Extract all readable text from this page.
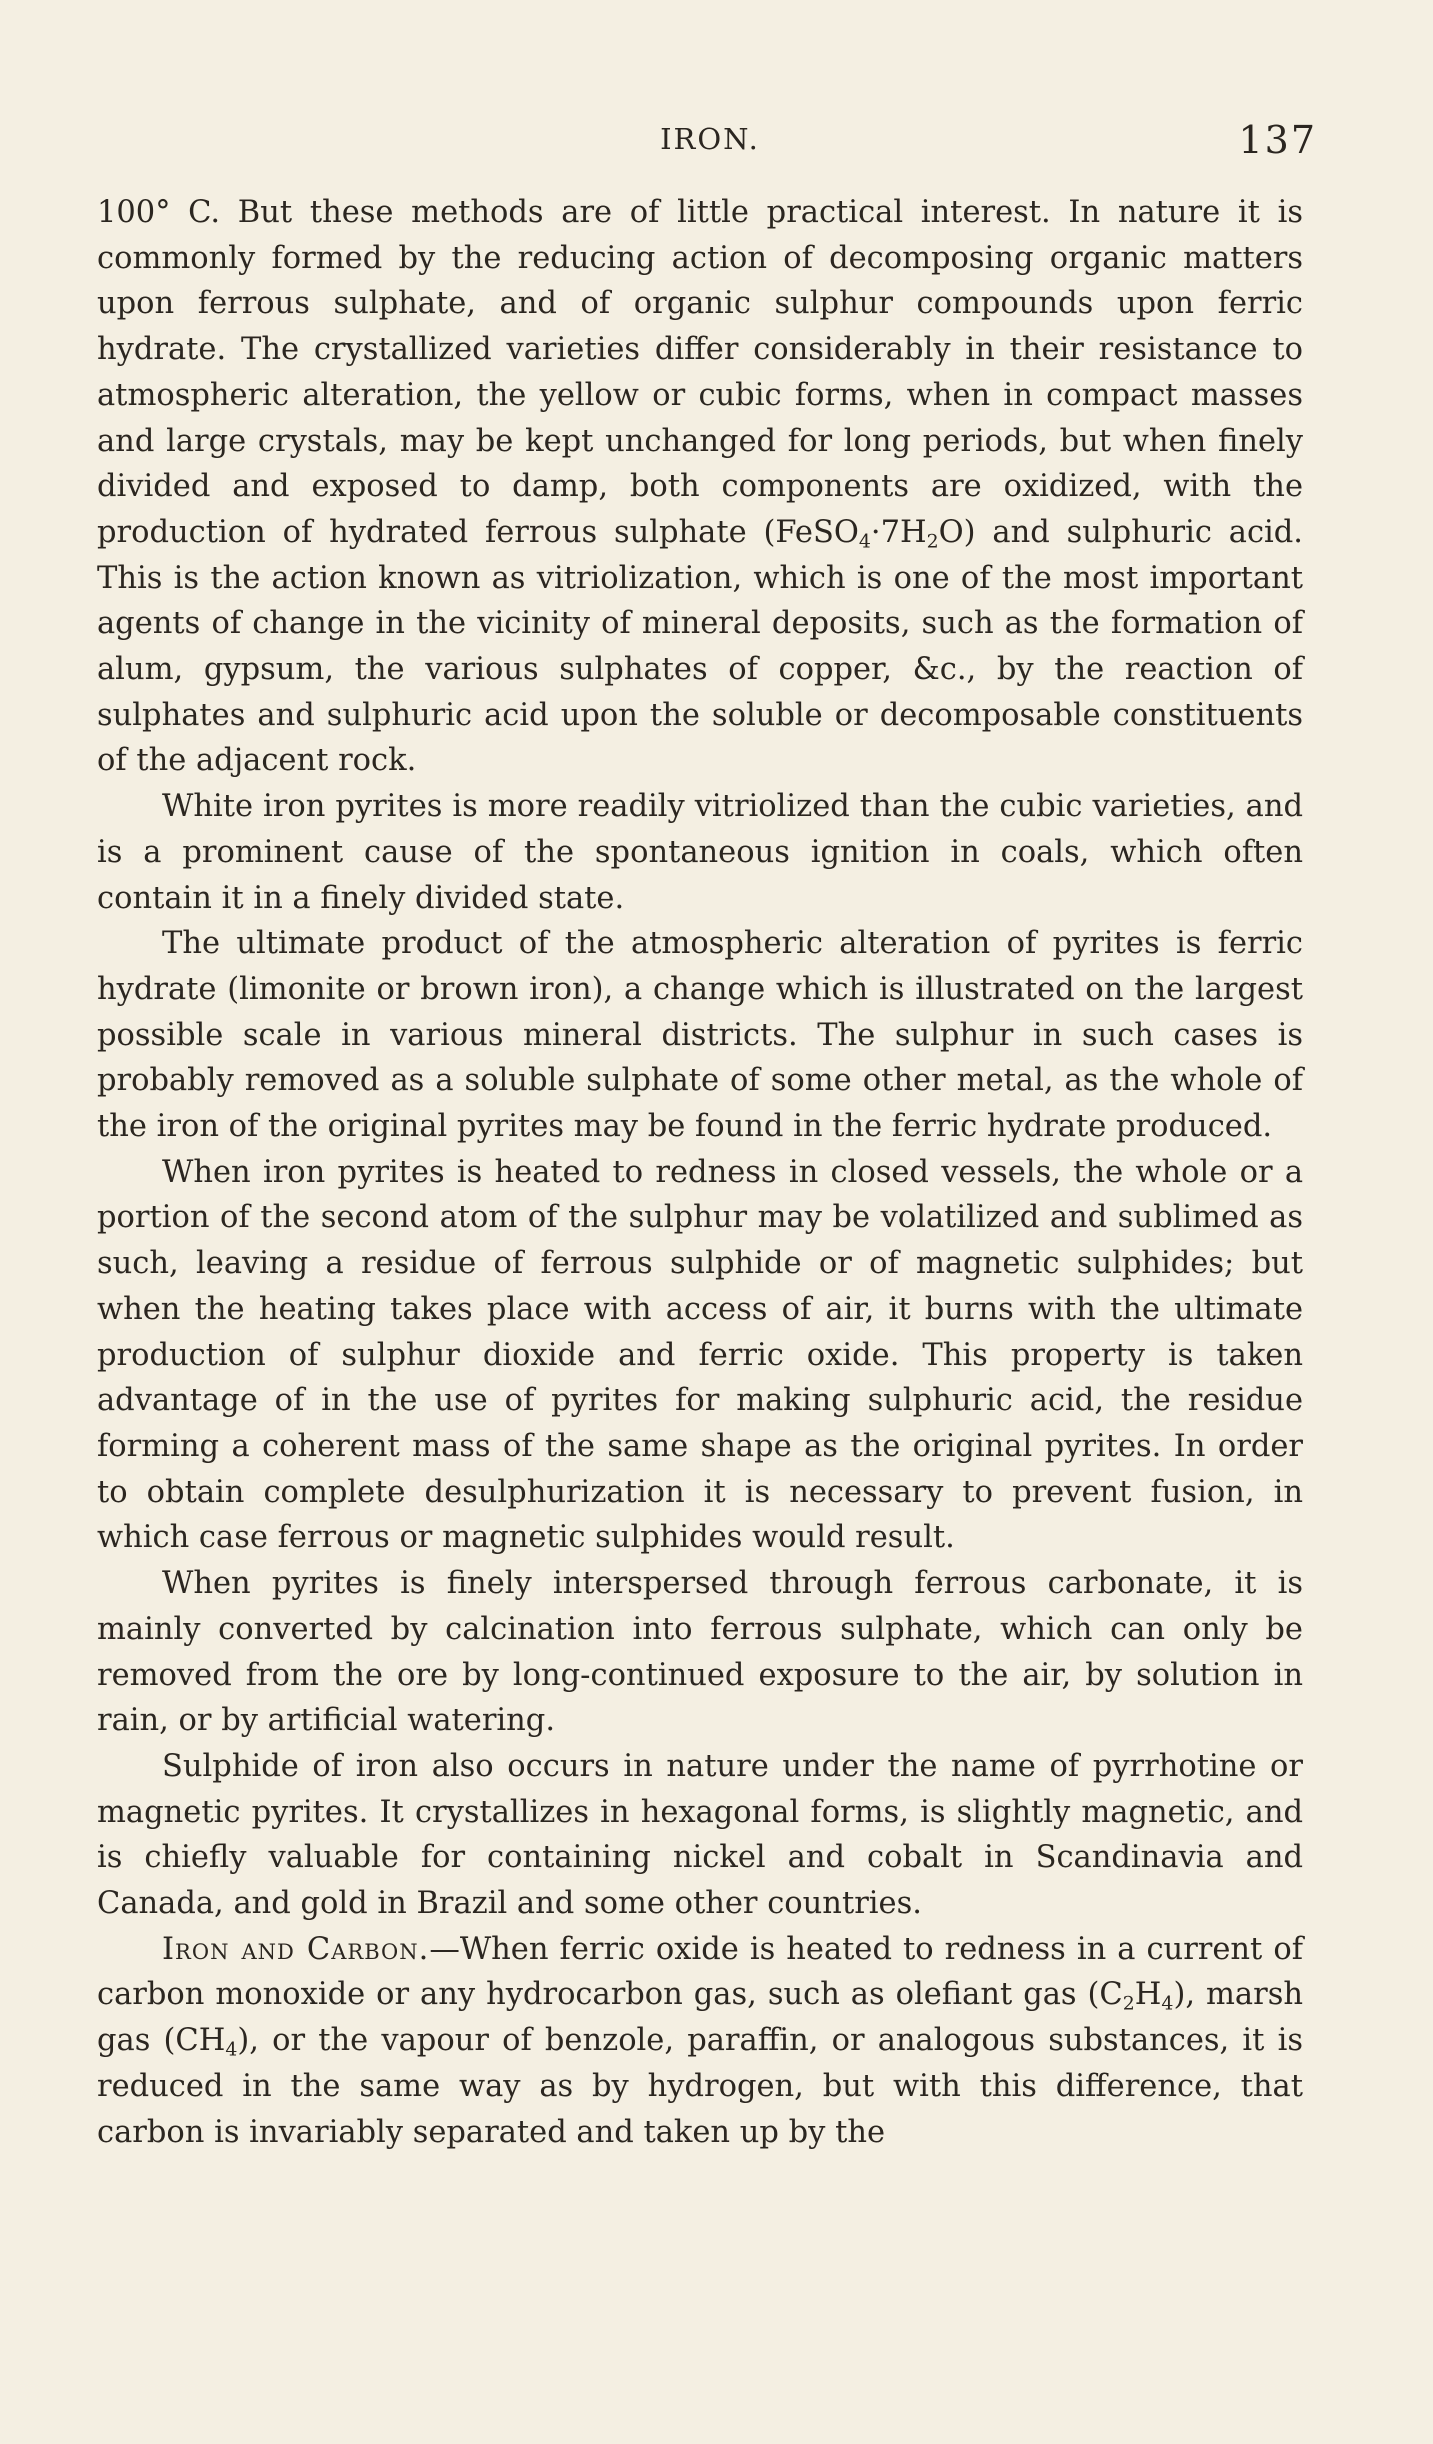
IRON.	137

100° C. But these methods are of little practical interest. In nature it is commonly formed by the reducing action of decomposing organic matters upon ferrous sulphate, and of organic sulphur compounds upon ferric hydrate. The crystallized varieties differ considerably in their resistance to atmospheric alteration, the yellow or cubic forms, when in compact masses and large crystals, may be kept unchanged for long periods, but when finely divided and exposed to damp, both components are oxidized, with the production of hydrated ferrous sulphate $(FeSO_4\cdot 7H_2O)$ and sulphuric acid. This is the action known as vitriolization, which is one of the most important agents of change in the vicinity of mineral deposits, such as the formation of alum, gypsum, the various sulphates of copper, &c., by the reaction of sulphates and sulphuric acid upon the soluble or decomposable constituents of the adjacent rock.

White iron pyrites is more readily vitriolized than the cubic varieties, and is a prominent cause of the spontaneous ignition in coals, which often contain it in a finely divided state.

The ultimate product of the atmospheric alteration of pyrites is ferric hydrate (limonite or brown iron), a change which is illustrated on the largest possible scale in various mineral districts. The sulphur in such cases is probably removed as a soluble sulphate of some other metal, as the whole of the iron of the original pyrites may be found in the ferric hydrate produced.

When iron pyrites is heated to redness in closed vessels, the whole or a portion of the second atom of the sulphur may be volatilized and sublimed as such, leaving a residue of ferrous sulphide or of magnetic sulphides; but when the heating takes place with access of air, it burns with the ultimate production of sulphur dioxide and ferric oxide. This property is taken advantage of in the use of pyrites for making sulphuric acid, the residue forming a coherent mass of the same shape as the original pyrites. In order to obtain complete desulphurization it is necessary to prevent fusion, in which case ferrous or magnetic sulphides would result.

When pyrites is finely interspersed through ferrous carbonate, it is mainly converted by calcination into ferrous sulphate, which can only be removed from the ore by long-continued exposure to the air, by solution in rain, or by artificial watering.

Sulphide of iron also occurs in nature under the name of pyrrhotine or magnetic pyrites. It crystallizes in hexagonal forms, is slightly magnetic, and is chiefly valuable for containing nickel and cobalt in Scandinavia and Canada, and gold in Brazil and some other countries.

Iron and Carbon.—When ferric oxide is heated to redness in a current of carbon monoxide or any hydrocarbon gas, such as olefiant gas $(C_2H_4)$, marsh gas $(CH_4)$, or the vapour of benzole, paraffin, or analogous substances, it is reduced in the same way as by hydrogen, but with this difference, that carbon is invariably separated and taken up by the
